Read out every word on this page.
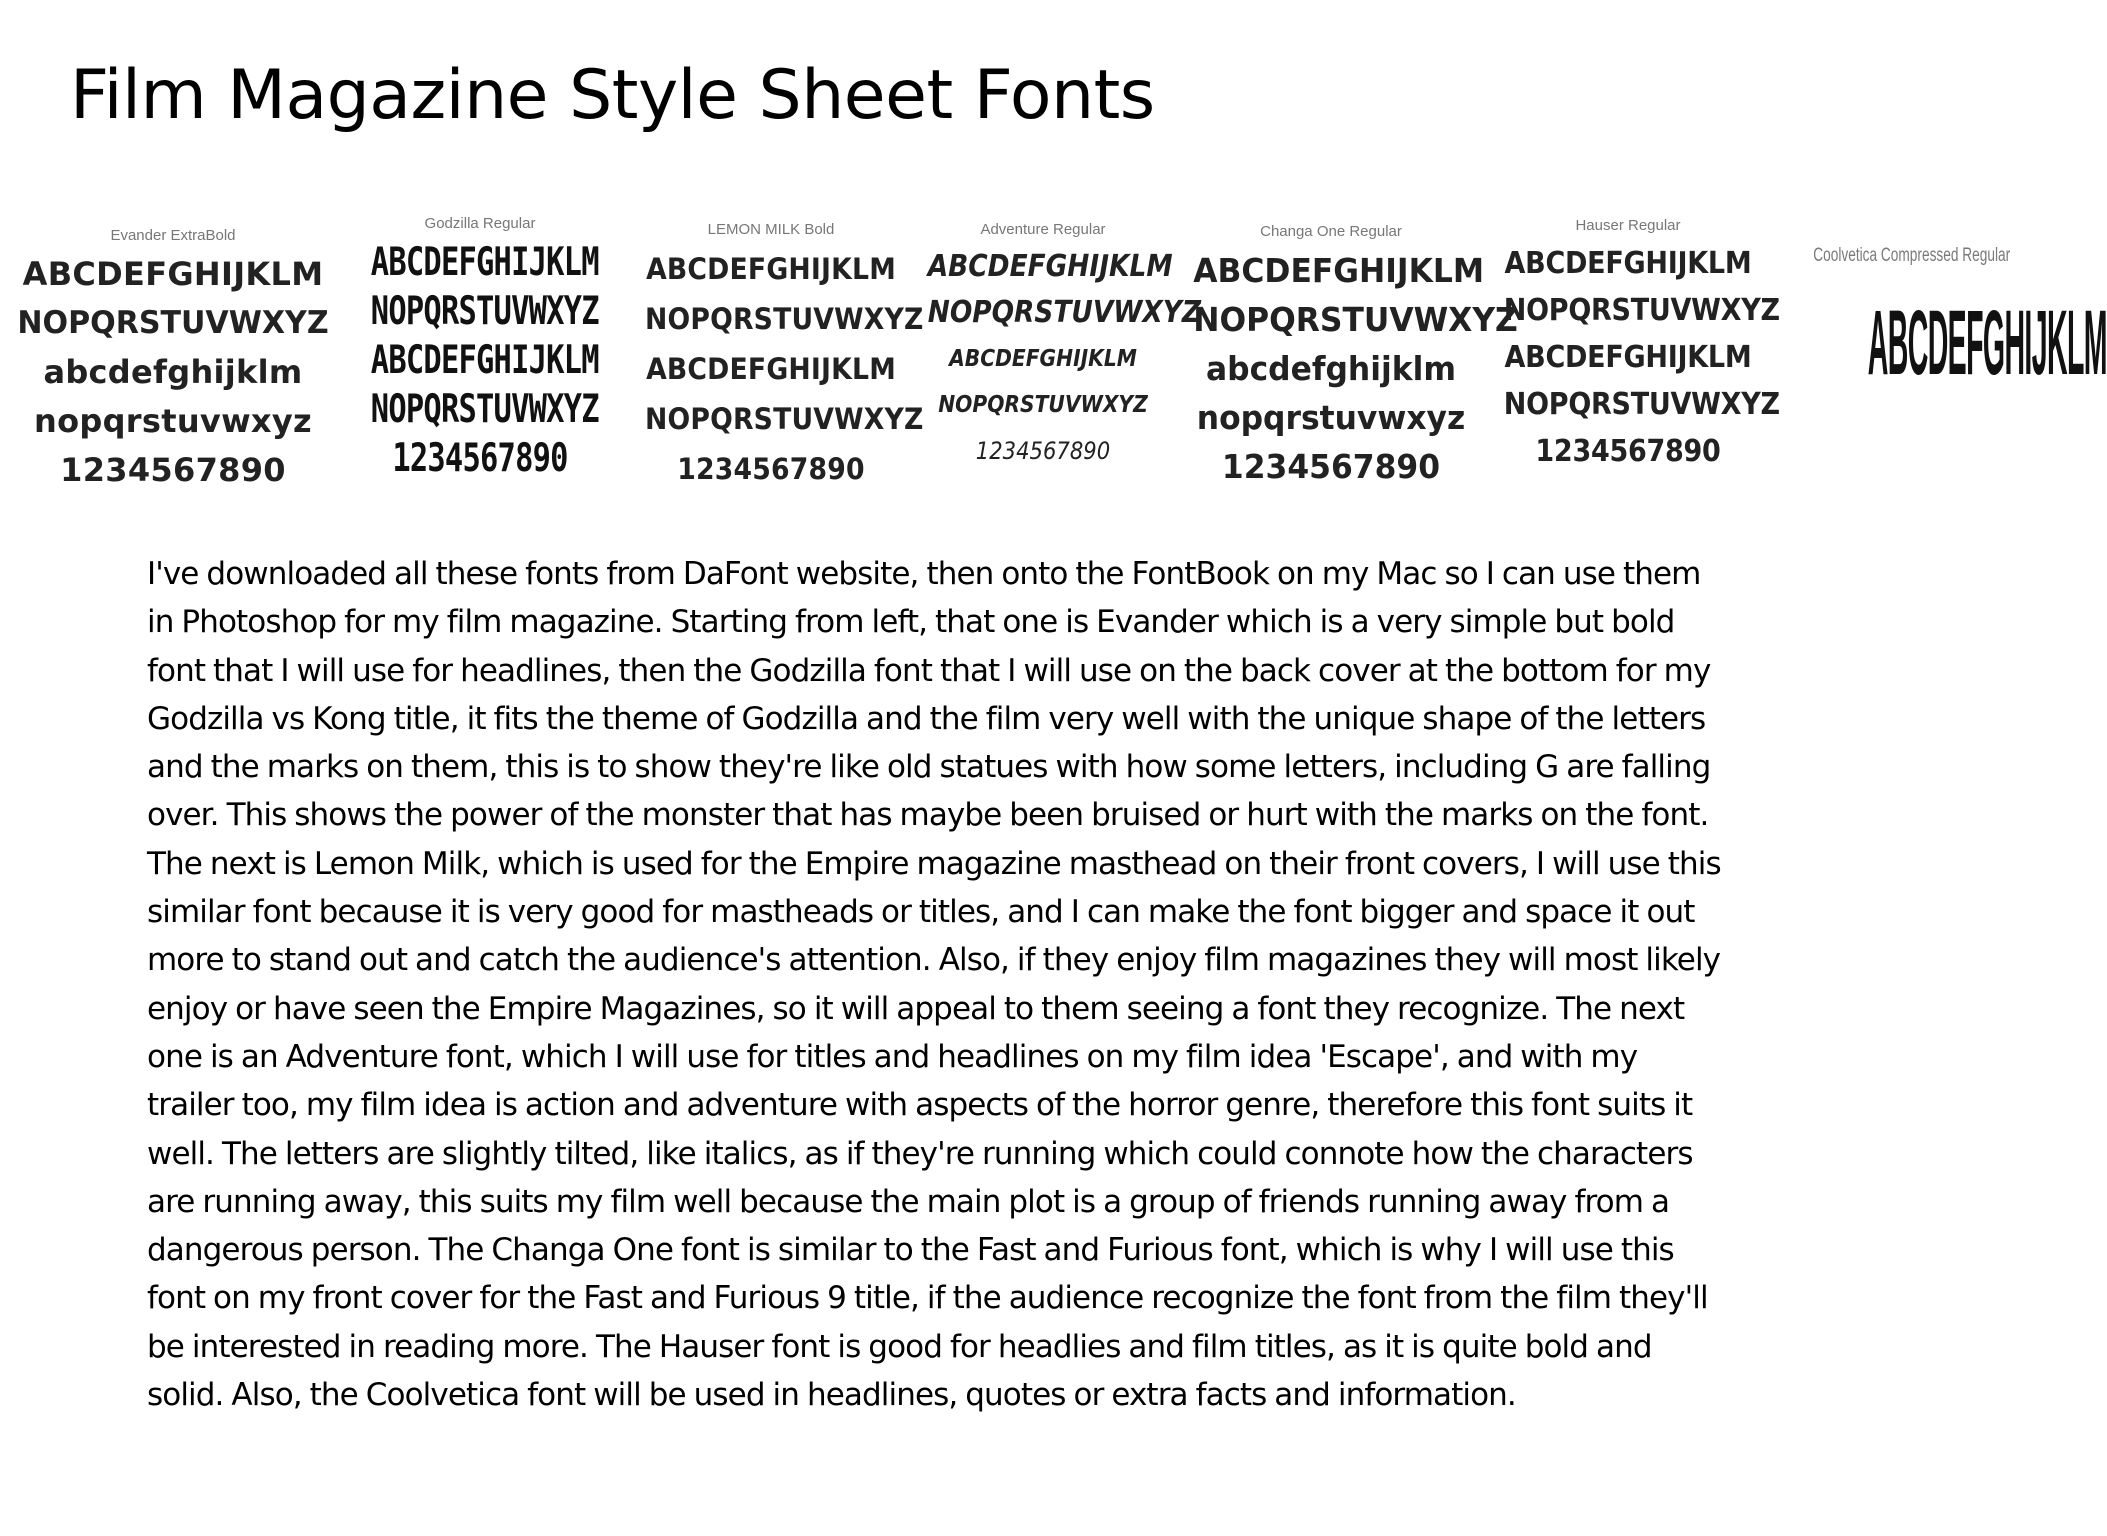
Film Magazine Style Sheet Fonts
Evander ExtraBold
ABCDEFGHIJKLM
NOPQRSTUVWXYZ
abcdefghijklm
nopqrstuvwxyz
1234567890
Godzilla Regular
ABCDEFGHIJKLM
NOPQRSTUVWXYZ
ABCDEFGHIJKLM
NOPQRSTUVWXYZ
1234567890
LEMON MILK Bold
ABCDEFGHIJKLM
NOPQRSTUVWXYZ
ABCDEFGHIJKLM
NOPQRSTUVWXYZ
1234567890
Adventure Regular
ABCDEFGHIJKLM
NOPQRSTUVWXYZ
ABCDEFGHIJKLM
NOPQRSTUVWXYZ
1234567890
Changa One Regular
ABCDEFGHIJKLM
NOPQRSTUVWXYZ
abcdefghijklm
nopqrstuvwxyz
1234567890
Hauser Regular
ABCDEFGHIJKLM
NOPQRSTUVWXYZ
ABCDEFGHIJKLM
NOPQRSTUVWXYZ
1234567890
Coolvetica Compressed Regular
ABCDEFGHIJKLM
I've downloaded all these fonts from DaFont website, then onto the FontBook on my Mac so I can use them
in Photoshop for my film magazine. Starting from left, that one is Evander which is a very simple but bold
font that I will use for headlines, then the Godzilla font that I will use on the back cover at the bottom for my
Godzilla vs Kong title, it fits the theme of Godzilla and the film very well with the unique shape of the letters
and the marks on them, this is to show they're like old statues with how some letters, including G are falling
over. This shows the power of the monster that has maybe been bruised or hurt with the marks on the font.
The next is Lemon Milk, which is used for the Empire magazine masthead on their front covers, I will use this
similar font because it is very good for mastheads or titles, and I can make the font bigger and space it out
more to stand out and catch the audience's attention. Also, if they enjoy film magazines they will most likely
enjoy or have seen the Empire Magazines, so it will appeal to them seeing a font they recognize. The next
one is an Adventure font, which I will use for titles and headlines on my film idea 'Escape', and with my
trailer too, my film idea is action and adventure with aspects of the horror genre, therefore this font suits it
well. The letters are slightly tilted, like italics, as if they're running which could connote how the characters
are running away, this suits my film well because the main plot is a group of friends running away from a
dangerous person. The Changa One font is similar to the Fast and Furious font, which is why I will use this
font on my front cover for the Fast and Furious 9 title, if the audience recognize the font from the film they'll
be interested in reading more. The Hauser font is good for headlies and film titles, as it is quite bold and
solid. Also, the Coolvetica font will be used in headlines, quotes or extra facts and information.
